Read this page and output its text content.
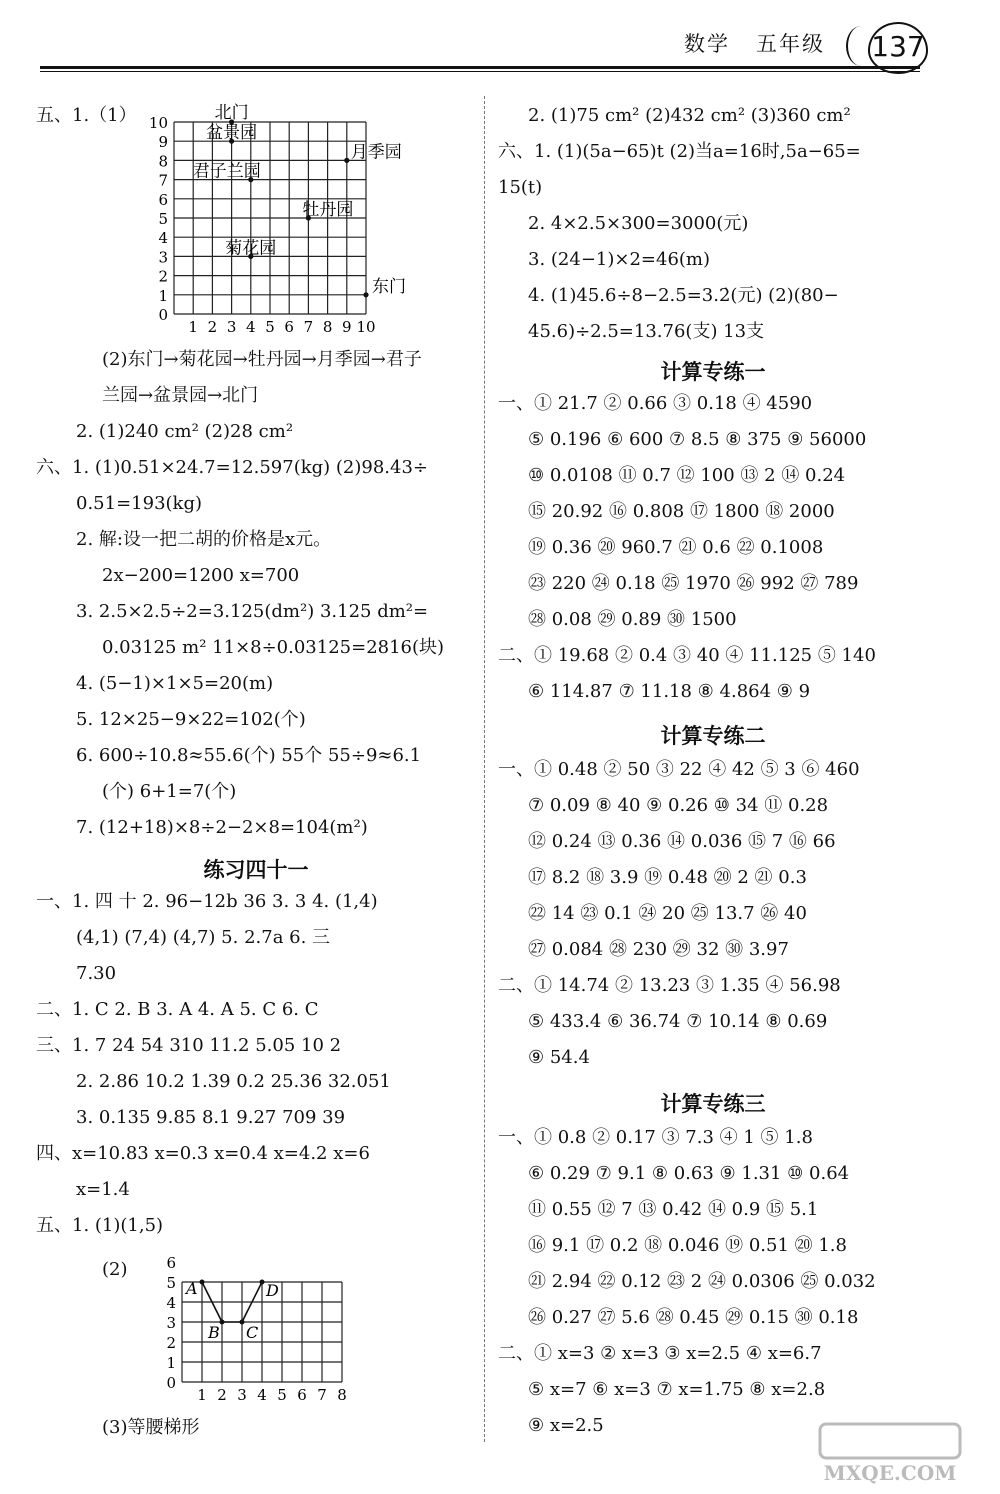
数学 五年级 137
五、1.（1）
0
1
2
3
4
5
6
7
8
9
10
1 2 3 4 5 6 7 8 9 10
北门
盆景园
月季园
君子兰园
牡丹园
菊花园
东门
(2)东门→菊花园→牡丹园→月季园→君子
兰园→盆景园→北门
2. (1)240 cm² (2)28 cm²
六、1. (1)0.51×24.7=12.597(kg) (2)98.43÷
0.51=193(kg)
2. 解:设一把二胡的价格是x元。
2x−200=1200 x=700
3. 2.5×2.5÷2=3.125(dm²) 3.125 dm²=
0.03125 m² 11×8÷0.03125=2816(块)
4. (5−1)×1×5=20(m)
5. 12×25−9×22=102(个)
6. 600÷10.8≈55.6(个) 55个 55÷9≈6.1
(个) 6+1=7(个)
7. (12+18)×8÷2−2×8=104(m²)
练习四十一
一、1. 四 十 2. 96−12b 36 3. 3 4. (1,4)
(4,1) (7,4) (4,7) 5. 2.7a 6. 三
7.30
二、1. C 2. B 3. A 4. A 5. C 6. C
三、1. 7 24 54 310 11.2 5.05 10 2
2. 2.86 10.2 1.39 0.2 25.36 32.051
3. 0.135 9.85 8.1 9.27 709 39
四、x=10.83 x=0.3 x=0.4 x=4.2 x=6
x=1.4
五、1. (1)(1,5)
(2)
0
1
2
3
4
5
6
1 2 3 4 5 6 7 8
A
B C
D
(3)等腰梯形
2. (1)75 cm² (2)432 cm² (3)360 cm²
六、1. (1)(5a−65)t (2)当a=16时,5a−65=
15(t)
2. 4×2.5×300=3000(元)
3. (24−1)×2=46(m)
4. (1)45.6÷8−2.5=3.2̇(元) (2)(80−
45.6)÷2.5=13.76(支) 13支
计算专练一
一、① 21.7 ② 0.66 ③ 0.18 ④ 4590
⑤ 0.196 ⑥ 600 ⑦ 8.5 ⑧ 375 ⑨ 56000
⑩ 0.0108 ⑪ 0.7 ⑫ 100 ⑬ 2 ⑭ 0.24
⑮ 20.92 ⑯ 0.808 ⑰ 1800 ⑱ 2000
⑲ 0.36 ⑳ 960.7 ㉑ 0.6 ㉒ 0.1008
㉓ 220 ㉔ 0.18 ㉕ 1970 ㉖ 992 ㉗ 789
㉘ 0.08 ㉙ 0.89 ㉚ 1500
二、① 19.68 ② 0.4 ③ 40 ④ 11.125 ⑤ 140
⑥ 114.87 ⑦ 11.18 ⑧ 4.864 ⑨ 9
计算专练二
一、① 0.48 ② 50 ③ 22 ④ 42 ⑤ 3 ⑥ 460
⑦ 0.09 ⑧ 40 ⑨ 0.26 ⑩ 34 ⑪ 0.28
⑫ 0.24 ⑬ 0.36 ⑭ 0.036 ⑮ 7 ⑯ 66
⑰ 8.2 ⑱ 3.9 ⑲ 0.48 ⑳ 2 ㉑ 0.3
㉒ 14 ㉓ 0.1 ㉔ 20 ㉕ 13.7 ㉖ 40
㉗ 0.084 ㉘ 230 ㉙ 32 ㉚ 3.97
二、① 14.74 ② 13.23 ③ 1.35 ④ 56.98
⑤ 433.4 ⑥ 36.74 ⑦ 10.14 ⑧ 0.69
⑨ 54.4
计算专练三
一、① 0.8 ② 0.17 ③ 7.3 ④ 1 ⑤ 1.8
⑥ 0.29 ⑦ 9.1 ⑧ 0.63 ⑨ 1.31 ⑩ 0.64
⑪ 0.55 ⑫ 7 ⑬ 0.42 ⑭ 0.9 ⑮ 5.1
⑯ 9.1 ⑰ 0.2 ⑱ 0.046 ⑲ 0.51 ⑳ 1.8
㉑ 2.94 ㉒ 0.12 ㉓ 2 ㉔ 0.0306 ㉕ 0.032
㉖ 0.27 ㉗ 5.6 ㉘ 0.45 ㉙ 0.15 ㉚ 0.18
二、① x=3 ② x=3 ③ x=2.5 ④ x=6.7
⑤ x=7 ⑥ x=3 ⑦ x=1.75 ⑧ x=2.8
⑨ x=2.5
MXQE.COM
